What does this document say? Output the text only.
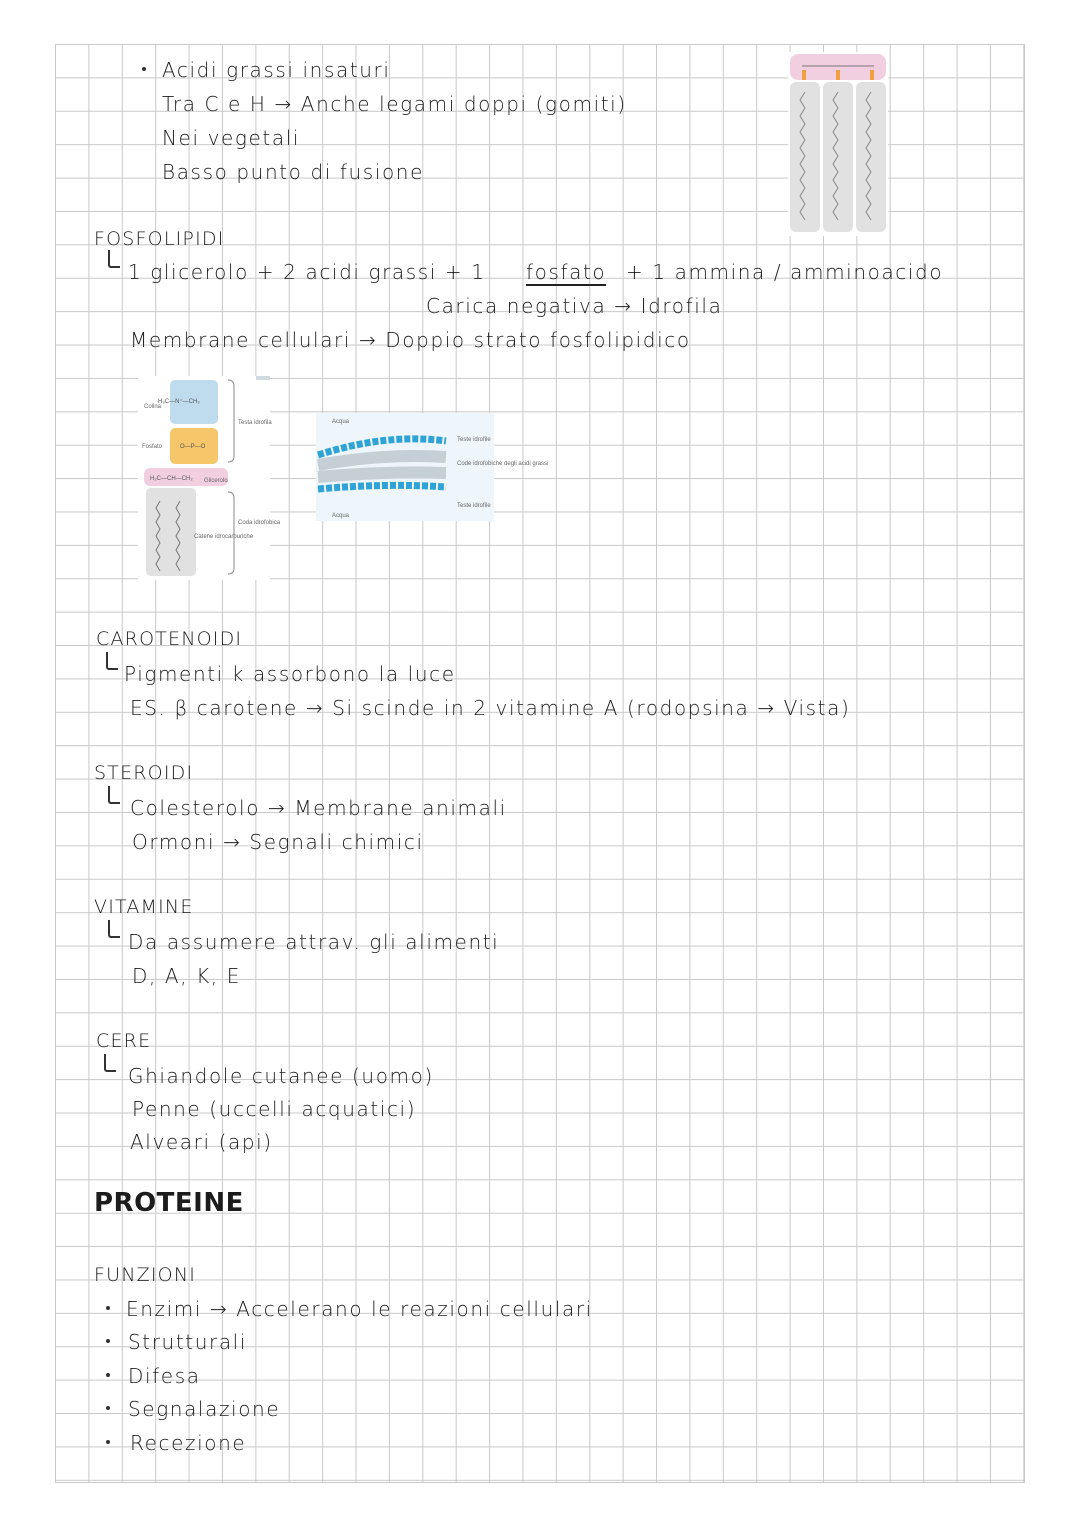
Acidi grassi insaturi
Tra C e H → Anche legami doppi (gomiti)
Nei vegetali
Basso punto di fusione
FOSFOLIPIDI
1 glicerolo + 2 acidi grassi + 1 fosfato + 1 ammina / amminoacido
Carica negativa → Idrofila
Membrane cellulari → Doppio strato fosfolipidico
H₃C—N⁺—CH₃
O—P—O
H₂C—CH—CH₂
Colina
Fosfato
Glicerolo
Catene idrocarburiche
Testa idrofila
Coda idrofobica
Acqua
Acqua
Teste idrofile
Code idrofobiche degli acidi grassi
Teste idrofile
CAROTENOIDI
Pigmenti k assorbono la luce
ES. β carotene → Si scinde in 2 vitamine A (rodopsina → Vista)
STEROIDI
Colesterolo → Membrane animali
Ormoni → Segnali chimici
VITAMINE
Da assumere attrav. gli alimenti
D, A, K, E
CERE
Ghiandole cutanee (uomo)
Penne (uccelli acquatici)
Alveari (api)
PROTEINE
FUNZIONI
Enzimi → Accelerano le reazioni cellulari
Strutturali
Difesa
Segnalazione
Recezione
